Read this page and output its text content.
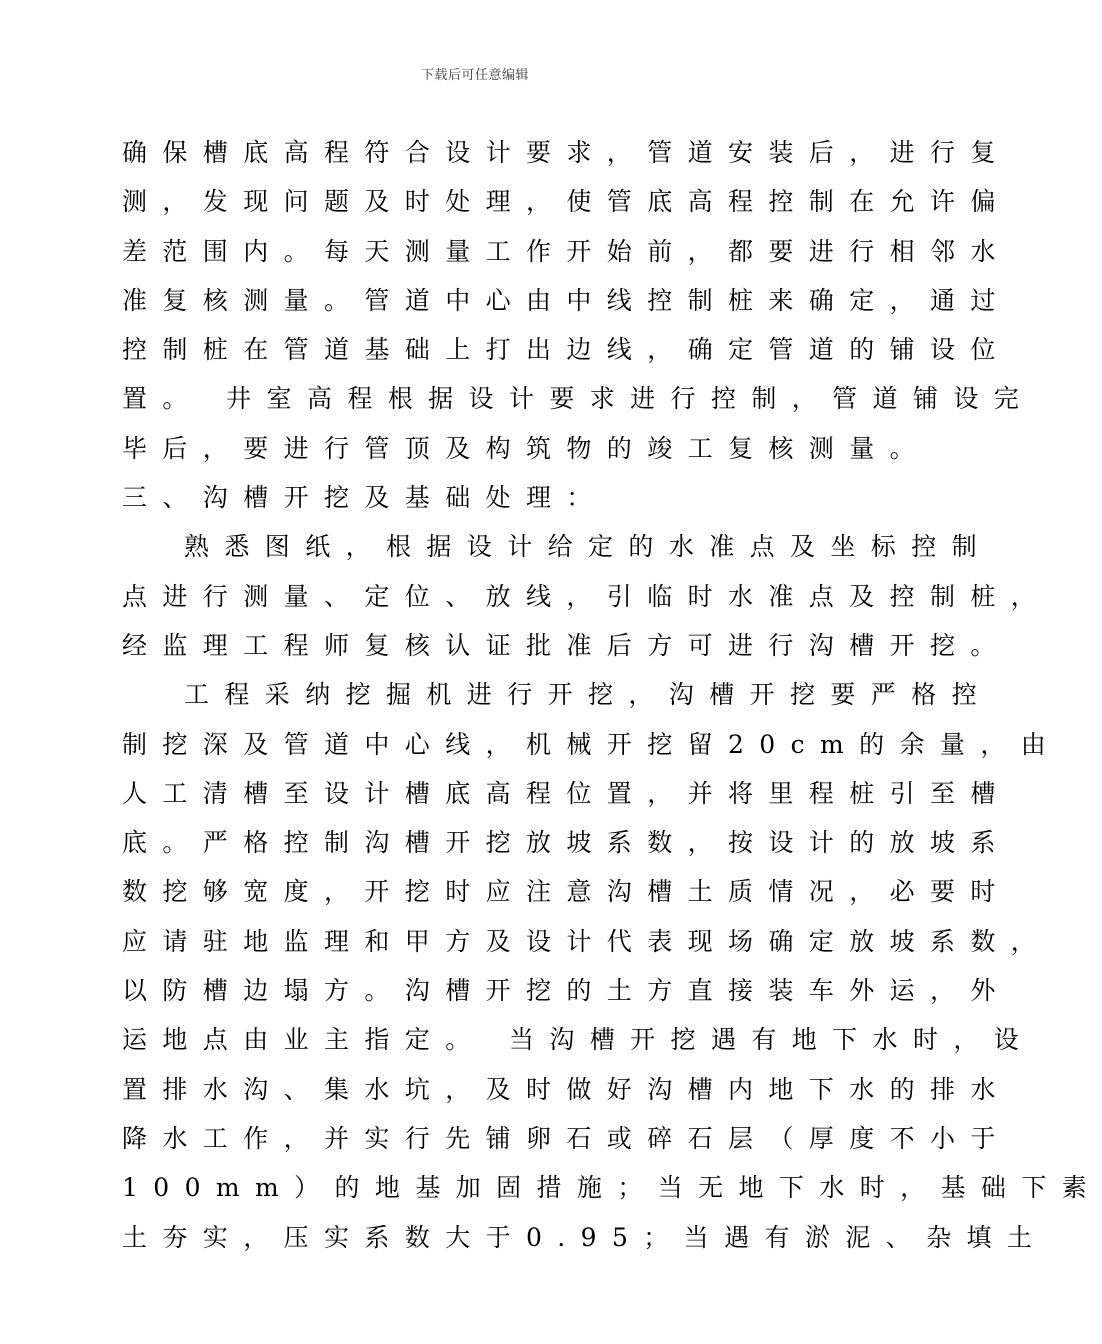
下载后可任意编辑
确保槽底高程符合设计要求，管道安装后，进行复
测，发现问题及时处理，使管底高程控制在允许偏
差范围内。每天测量工作开始前，都要进行相邻水
准复核测量。管道中心由中线控制桩来确定，通过
控制桩在管道基础上打出边线，确定管道的铺设位
置。 井室高程根据设计要求进行控制，管道铺设完
毕后，要进行管顶及构筑物的竣工复核测量。
三、沟槽开挖及基础处理：
熟悉图纸，根据设计给定的水准点及坐标控制
点进行测量、定位、放线，引临时水准点及控制桩，
经监理工程师复核认证批准后方可进行沟槽开挖。
工程采纳挖掘机进行开挖，沟槽开挖要严格控
制挖深及管道中心线，机械开挖留20cm的余量，由
人工清槽至设计槽底高程位置，并将里程桩引至槽
底。严格控制沟槽开挖放坡系数，按设计的放坡系
数挖够宽度，开挖时应注意沟槽土质情况，必要时
应请驻地监理和甲方及设计代表现场确定放坡系数，
以防槽边塌方。沟槽开挖的土方直接装车外运，外
运地点由业主指定。 当沟槽开挖遇有地下水时，设
置排水沟、集水坑，及时做好沟槽内地下水的排水
降水工作，并实行先铺卵石或碎石层（厚度不小于
100mm）的地基加固措施；当无地下水时，基础下素
土夯实，压实系数大于0.95；当遇有淤泥、杂填土
